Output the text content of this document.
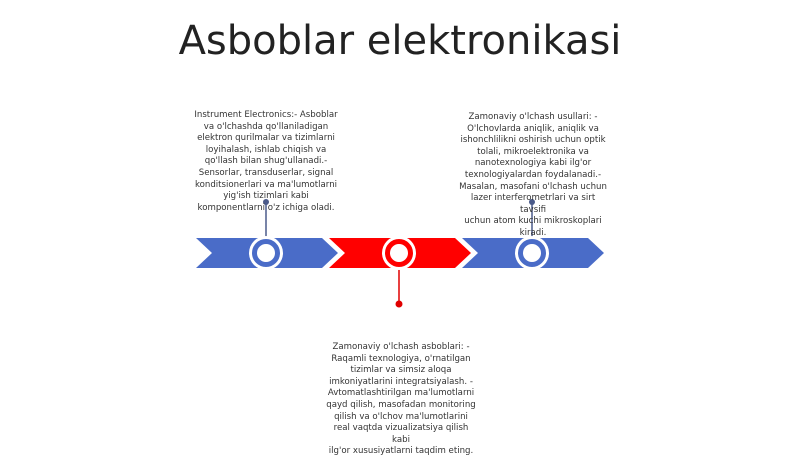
Asboblar elektronikasi
Instrument Electronics:- Asboblar
va o'lchashda qo'llaniladigan
elektron qurilmalar va tizimlarni
loyihalash, ishlab chiqish va
qo'llash bilan shug'ullanadi.-
Sensorlar, transduserlar, signal
konditsionerlari va ma'lumotlarni
yig'ish tizimlari kabi
komponentlarni o'z ichiga oladi.
Zamonaviy o'lchash usullari: -
O'lchovlarda aniqlik, aniqlik va
ishonchlilikni oshirish uchun optik
tolali, mikroelektronika va
nanotexnologiya kabi ilg'or
texnologiyalardan foydalanadi.-
Masalan, masofani o'lchash uchun
lazer interferometrlari va sirt tavsifi
uchun atom kuchi mikroskoplari
kiradi.
Zamonaviy o'lchash asboblari: -
Raqamli texnologiya, o'rnatilgan
tizimlar va simsiz aloqa
imkoniyatlarini integratsiyalash. -
Avtomatlashtirilgan ma'lumotlarni
qayd qilish, masofadan monitoring
qilish va o'lchov ma'lumotlarini
real vaqtda vizualizatsiya qilish kabi
ilg'or xususiyatlarni taqdim eting.
